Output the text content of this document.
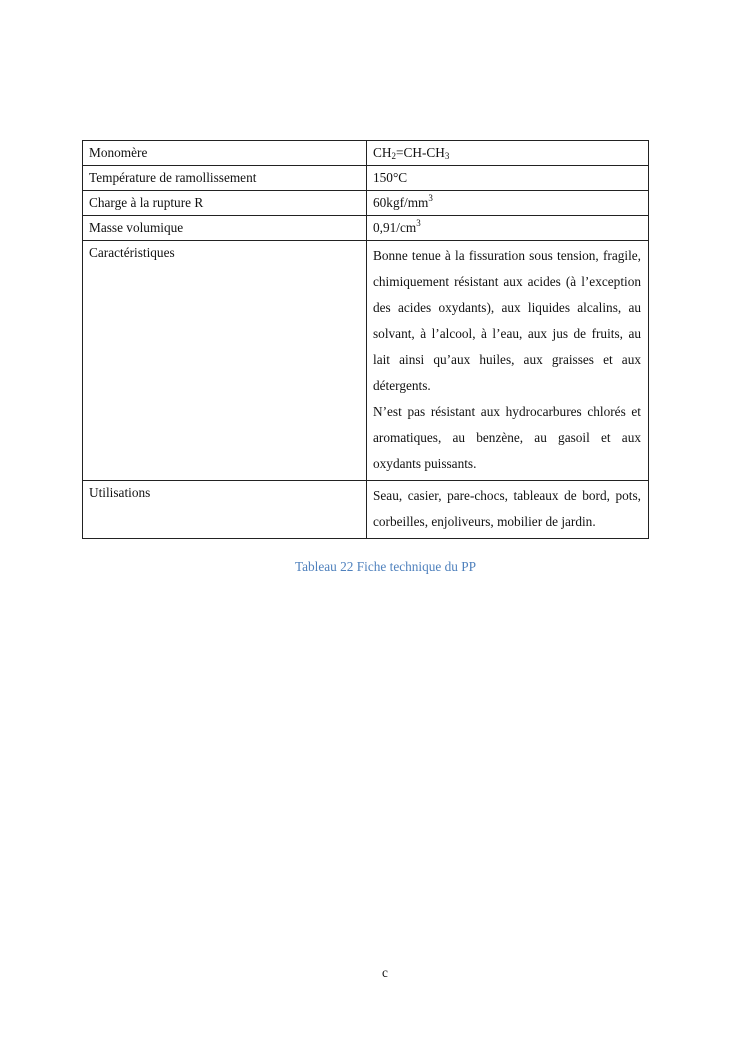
Monomère	$CH_2=CH-CH_3$
Température de ramollissement	150°C
Charge à la rupture R	$60kgf/mm^3$
Masse volumique	$0,91/cm^3$
Caractéristiques	Bonne tenue à la fissuration sous tension, fragile, chimiquement résistant aux acides (à l’exception des acides oxydants), aux liquides alcalins, au solvant, à l’alcool, à l’eau, aux jus de fruits, au lait ainsi qu’aux huiles, aux graisses et aux détergents.

N’est pas résistant aux hydrocarbures chlorés et aromatiques, au benzène, au gasoil et aux oxydants puissants.

Utilisations	Seau, casier, pare-chocs, tableaux de bord, pots, corbeilles, enjoliveurs, mobilier de jardin.

Tableau 22 Fiche technique du PP
c
